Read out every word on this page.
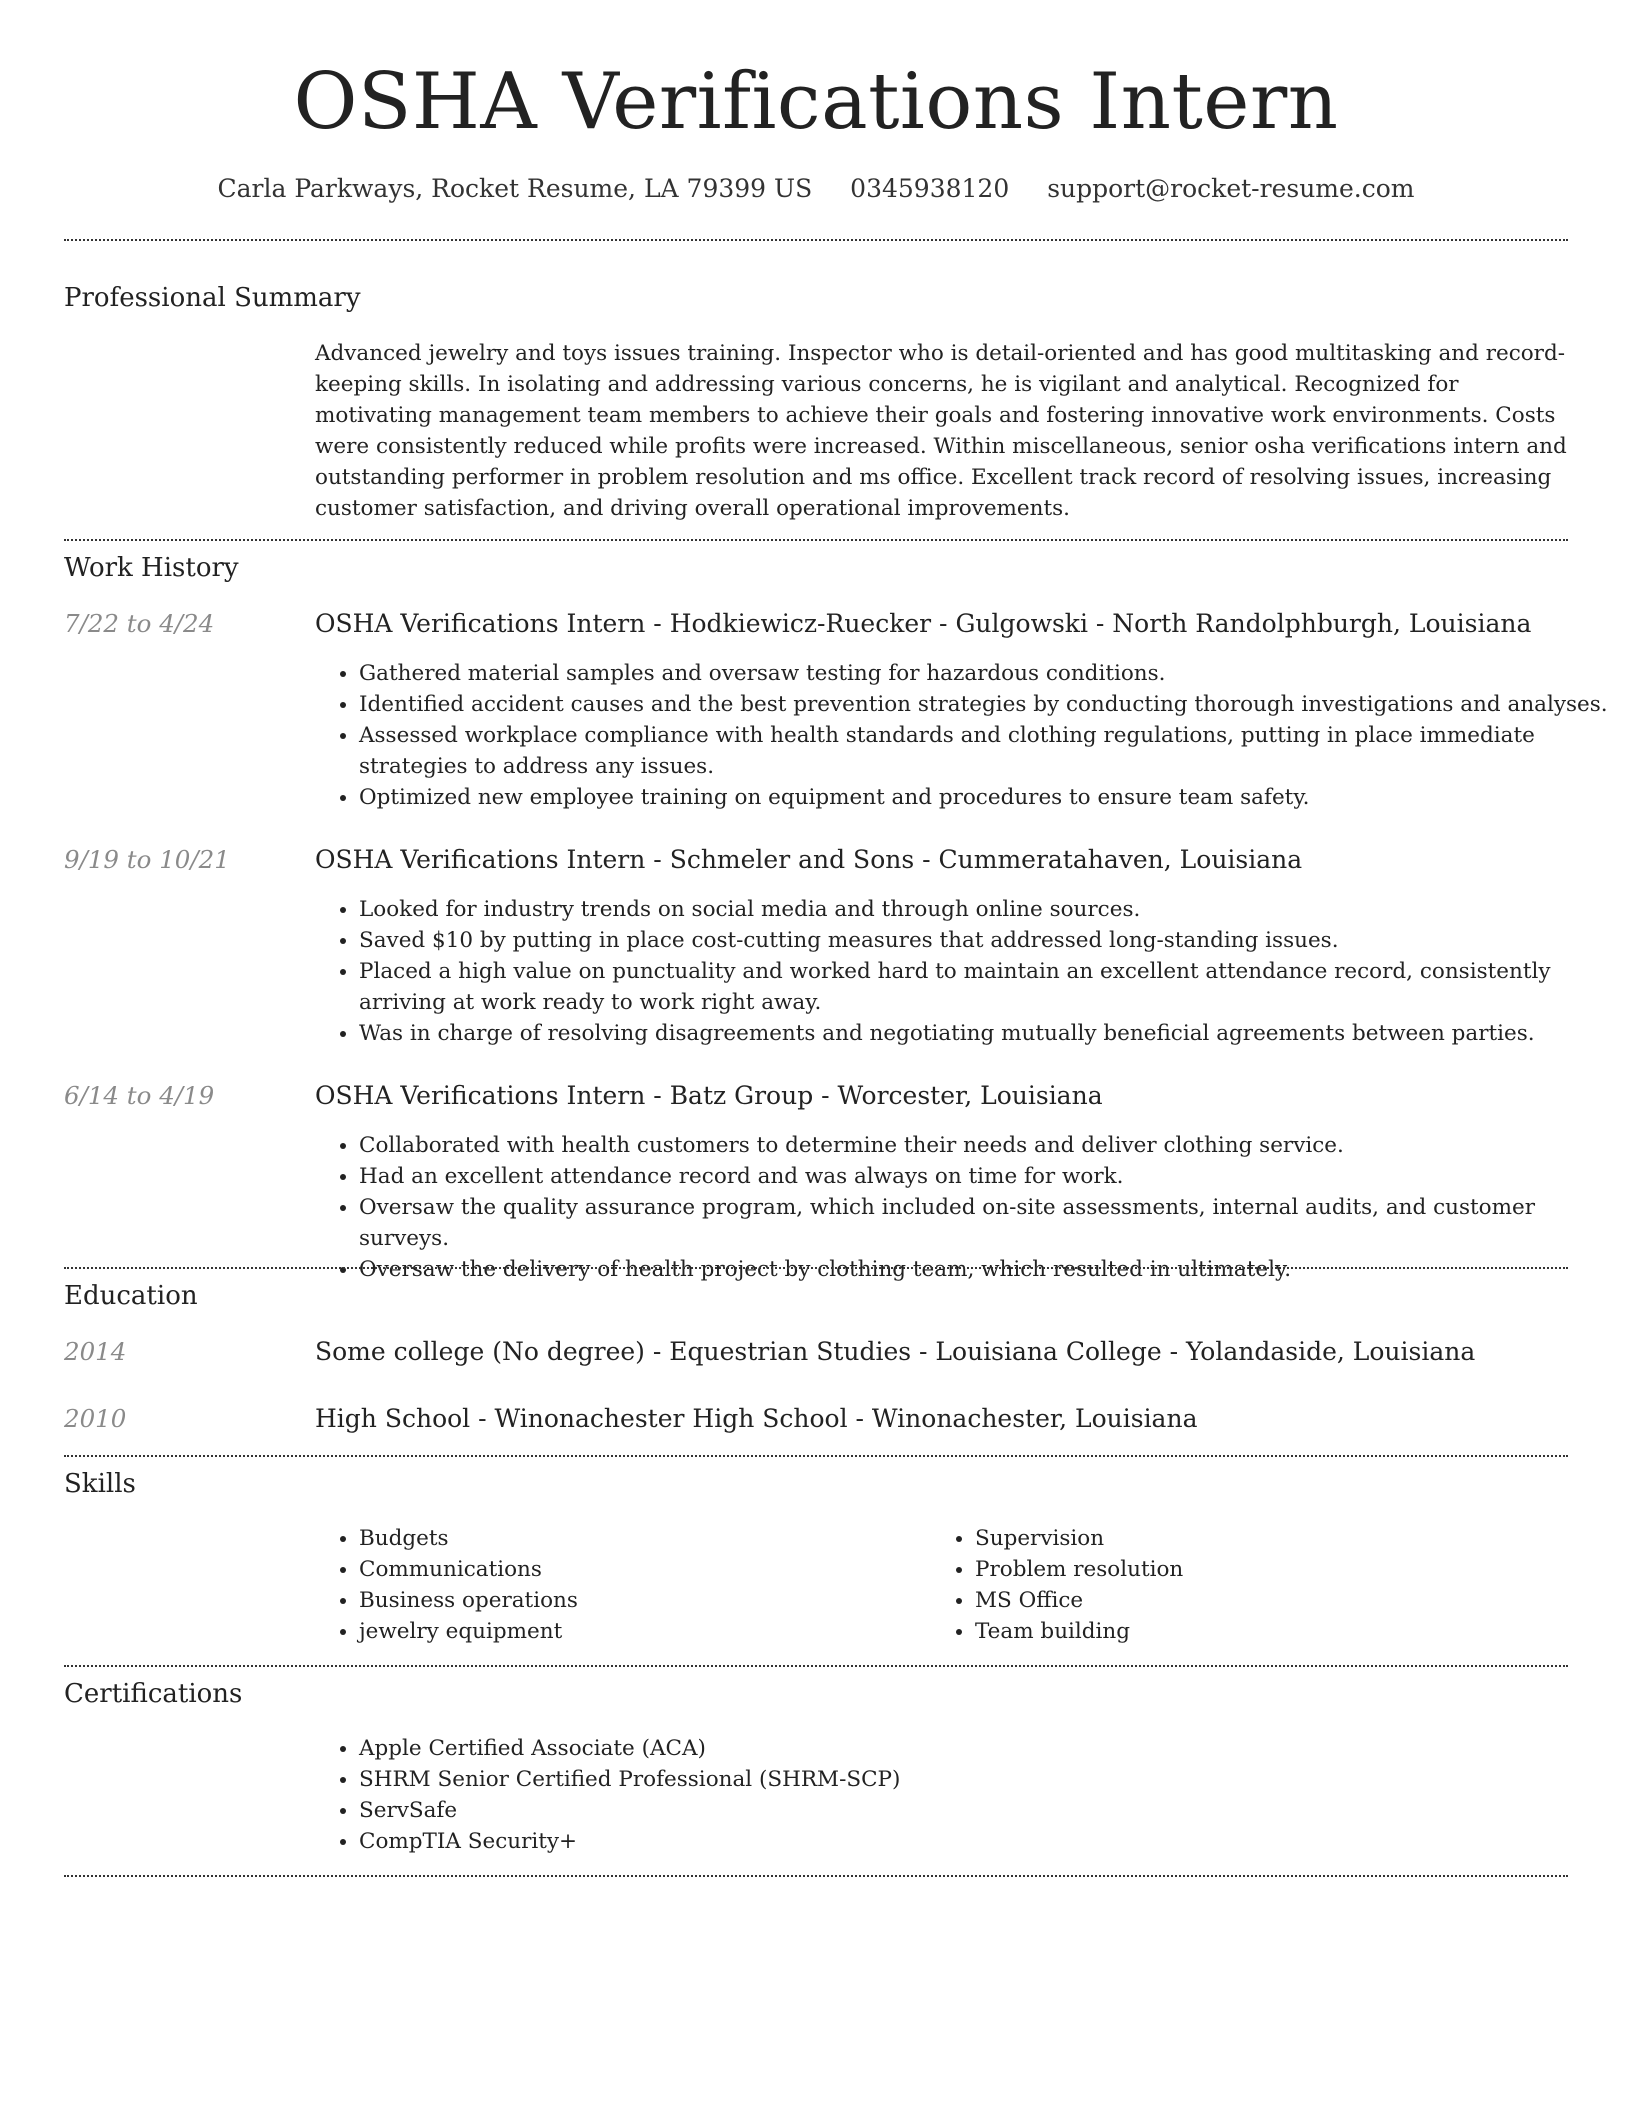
OSHA Verifications Intern
Carla Parkways, Rocket Resume, LA 79399 US 0345938120 support@rocket-resume.com
Professional Summary
Advanced jewelry and toys issues training. Inspector who is detail-oriented and has good multitasking and record-keeping skills. In isolating and addressing various concerns, he is vigilant and analytical. Recognized for motivating management team members to achieve their goals and fostering innovative work environments. Costs were consistently reduced while profits were increased. Within miscellaneous, senior osha verifications intern and outstanding performer in problem resolution and ms office. Excellent track record of resolving issues, increasing customer satisfaction, and driving overall operational improvements.
Work History
7/22 to 4/24	OSHA Verifications Intern - Hodkiewicz-Ruecker - Gulgowski - North Randolphburgh, Louisiana
• Gathered material samples and oversaw testing for hazardous conditions.
• Identified accident causes and the best prevention strategies by conducting thorough investigations and analyses.
• Assessed workplace compliance with health standards and clothing regulations, putting in place immediate strategies to address any issues.
• Optimized new employee training on equipment and procedures to ensure team safety.
9/19 to 10/21	OSHA Verifications Intern - Schmeler and Sons - Cummeratahaven, Louisiana
• Looked for industry trends on social media and through online sources.
• Saved $10 by putting in place cost-cutting measures that addressed long-standing issues.
• Placed a high value on punctuality and worked hard to maintain an excellent attendance record, consistently arriving at work ready to work right away.
• Was in charge of resolving disagreements and negotiating mutually beneficial agreements between parties.
6/14 to 4/19	OSHA Verifications Intern - Batz Group - Worcester, Louisiana
• Collaborated with health customers to determine their needs and deliver clothing service.
• Had an excellent attendance record and was always on time for work.
• Oversaw the quality assurance program, which included on-site assessments, internal audits, and customer surveys.
• Oversaw the delivery of health project by clothing team, which resulted in ultimately.
Education
2014	Some college (No degree) - Equestrian Studies - Louisiana College - Yolandaside, Louisiana
2010	High School - Winonachester High School - Winonachester, Louisiana
Skills
• Budgets
• Communications
• Business operations
• jewelry equipment
• Supervision
• Problem resolution
• MS Office
• Team building
Certifications
• Apple Certified Associate (ACA)
• SHRM Senior Certified Professional (SHRM-SCP)
• ServSafe
• CompTIA Security+
